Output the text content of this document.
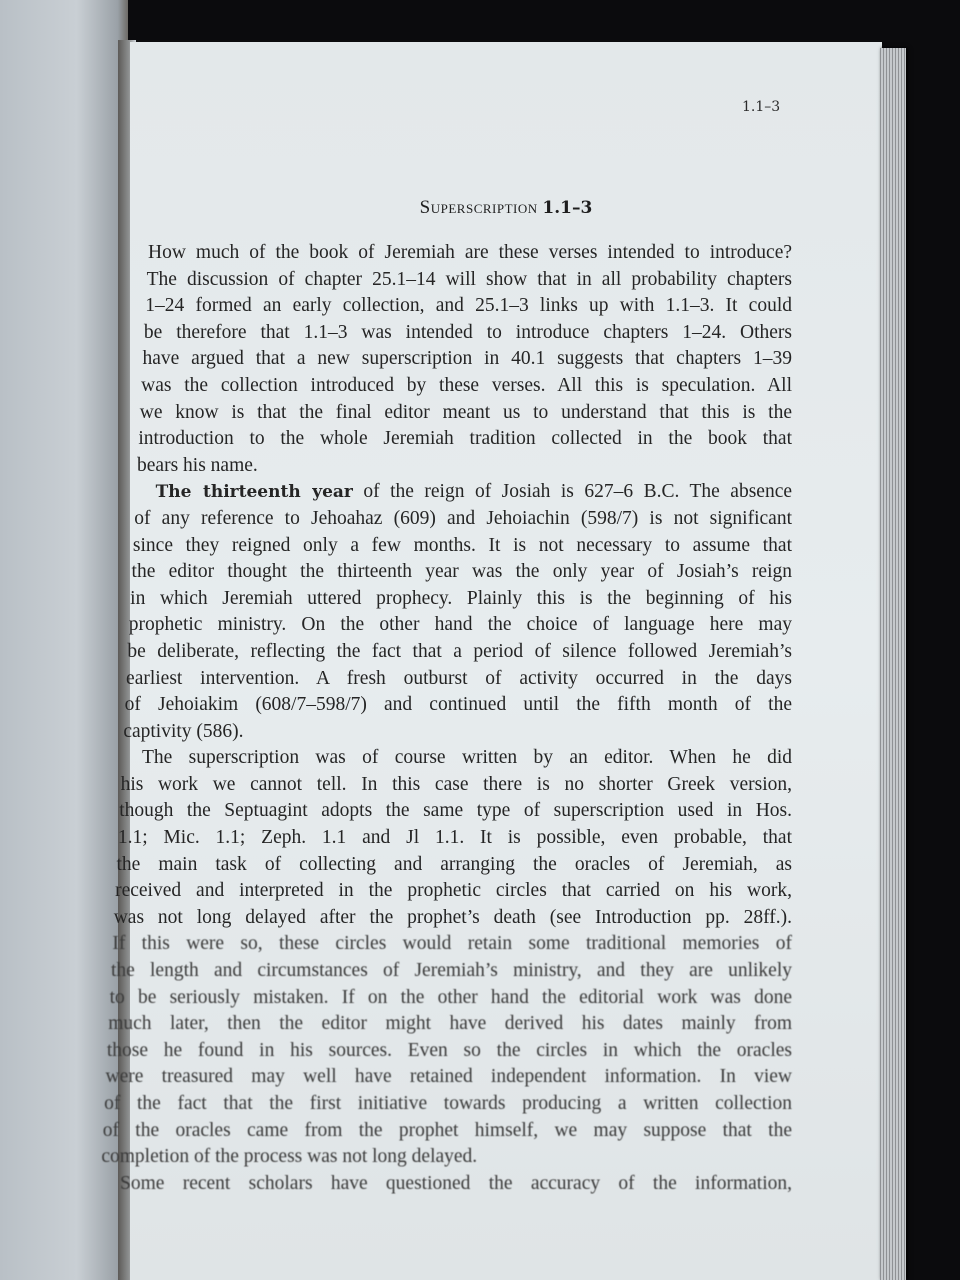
1.1–3
Superscription 1.1–3
How much of the book of Jeremiah are these verses intended to introduce?
The discussion of chapter 25.1–14 will show that in all probability chapters
1–24 formed an early collection, and 25.1–3 links up with 1.1–3. It could
be therefore that 1.1–3 was intended to introduce chapters 1–24. Others
have argued that a new superscription in 40.1 suggests that chapters 1–39
was the collection introduced by these verses. All this is speculation. All
we know is that the final editor meant us to understand that this is the
introduction to the whole Jeremiah tradition collected in the book that
bears his name.
The thirteenth year of the reign of Josiah is 627–6 B.C. The absence
of any reference to Jehoahaz (609) and Jehoiachin (598/7) is not significant
since they reigned only a few months. It is not necessary to assume that
the editor thought the thirteenth year was the only year of Josiah’s reign
in which Jeremiah uttered prophecy. Plainly this is the beginning of his
prophetic ministry. On the other hand the choice of language here may
be deliberate, reflecting the fact that a period of silence followed Jeremiah’s
earliest intervention. A fresh outburst of activity occurred in the days
of Jehoiakim (608/7–598/7) and continued until the fifth month of the
captivity (586).
The superscription was of course written by an editor. When he did
his work we cannot tell. In this case there is no shorter Greek version,
though the Septuagint adopts the same type of superscription used in Hos.
1.1; Mic. 1.1; Zeph. 1.1 and Jl 1.1. It is possible, even probable, that
the main task of collecting and arranging the oracles of Jeremiah, as
received and interpreted in the prophetic circles that carried on his work,
was not long delayed after the prophet’s death (see Introduction pp. 28ff.).
If this were so, these circles would retain some traditional memories of
the length and circumstances of Jeremiah’s ministry, and they are unlikely
to be seriously mistaken. If on the other hand the editorial work was done
much later, then the editor might have derived his dates mainly from
those he found in his sources. Even so the circles in which the oracles
were treasured may well have retained independent information. In view
of the fact that the first initiative towards producing a written collection
of the oracles came from the prophet himself, we may suppose that the
completion of the process was not long delayed.
Some recent scholars have questioned the accuracy of the information,
